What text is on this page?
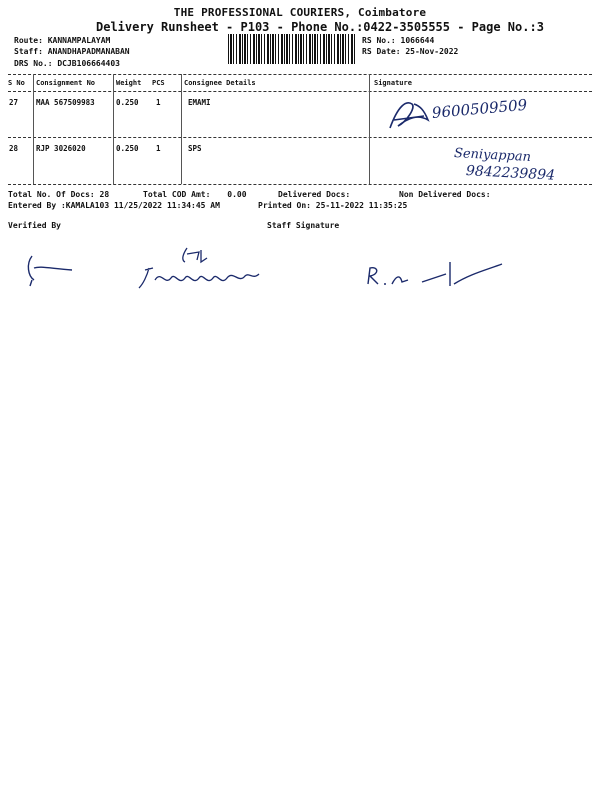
THE PROFESSIONAL COURIERS, Coimbatore
Delivery Runsheet - P103 - Phone No.:0422-3505555 - Page No.:3
Route: KANNAMPALAYAM
Staff: ANANDHAPADMANABAN
DRS No.: DCJB106664403
RS No.: 1066644
RS Date: 25-Nov-2022
S No Consignment No	Weight PCS	Consignee Details	Signature
27 MAA 567509983	0.250 1	EMAMI	9600509509
28 RJP 3026020	0.250 1	SPS	Seniyappan
9842239894
Total No. Of Docs: 28	Total COD Amt: 0.00	Delivered Docs:	Non Delivered Docs:
Entered By :KAMALA103 11/25/2022 11:34:45 AM	Printed On: 25-11-2022 11:35:25
Verified By	Staff Signature
